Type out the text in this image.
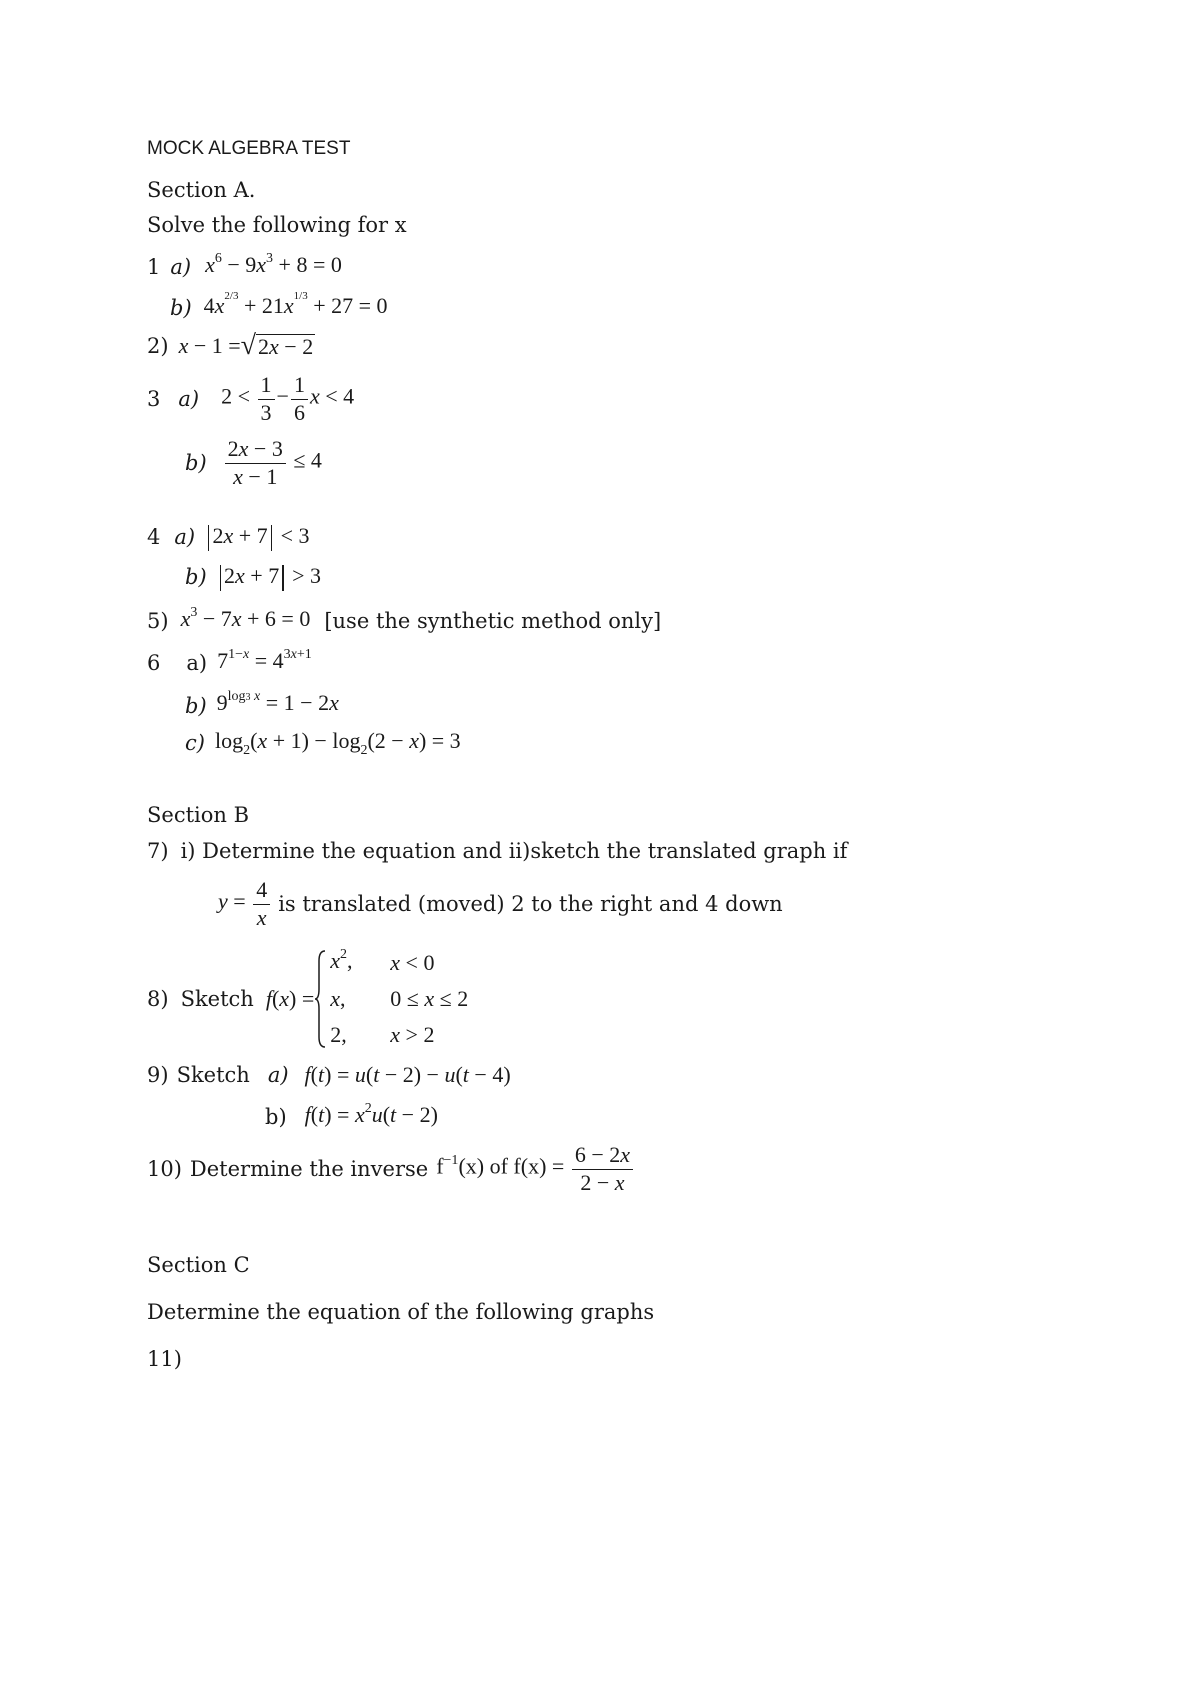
MOCK ALGEBRA TEST
Section A.
Solve the following for x
1 a) $x^6 - 9x^3 + 8 = 0$
b) $4x^{2/3} + 21x^{1/3} + 27 = 0$
2) x − 1 = √ 2x − 2
3 a) $2 < \frac{1}{3} - \frac{1}{6}$ x < 4
$b) \frac{2x - 3}{x - 1} \le 4$
4 a) 2x + 7 < 3
b) 2x + 7 > 3
5) $x^3 - 7x + 6 = 0$ [use the synthetic method only]
6 a) $7^{1-x} = 4^{3x+1}$
b) $9^{log3 x} = 1 - 2x$
c) $\log_2(x + 1) - \log_2(2 - x) = 3$
Section B
7) i) Determine the equation and ii)sketch the translated graph if
$y = \frac{4}{x}$ is translated (moved) 2 to the right and 4 down
8) Sketch f(x) =
$x^2$,	x < 0
x,	0 ≤ x ≤ 2
2,	x > 2
9) Sketch a) f(t) = u(t − 2) − u(t − 4)
b) $f(t) = x^2u(t - 2)$
10) Determine the inverse $f^{-1}(x)$ of $f(x) = \frac{6 - 2x}{2 - x}$
Section C
Determine the equation of the following graphs
11)
